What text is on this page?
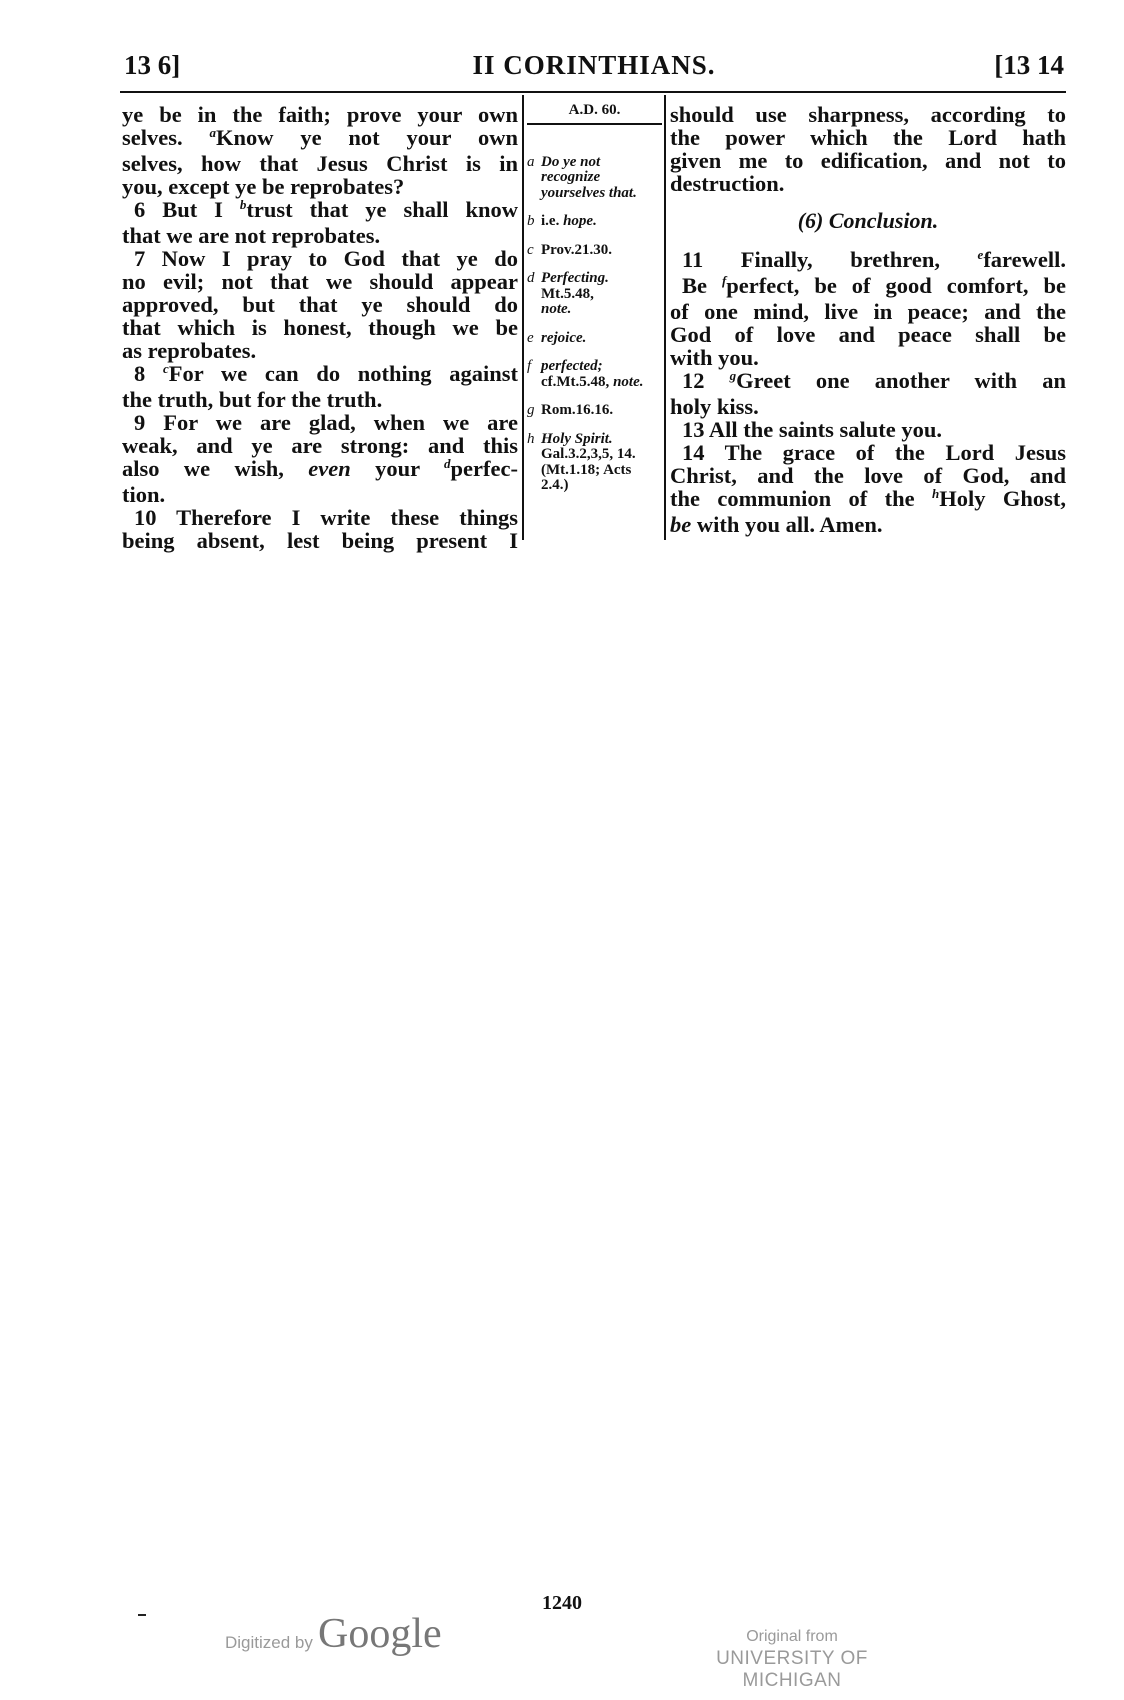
13 6]	II CORINTHIANS.	[13 14
ye be in the faith; prove your own
selves. $^a$Know ye not your own
selves, how that Jesus Christ is in
you, except ye be reprobates?
6 But I $^b$trust that ye shall know
that we are not reprobates.
7 Now I pray to God that ye do
no evil; not that we should appear
approved, but that ye should do
that which is honest, though we be
as reprobates.
8 $^c$For we can do nothing against
the truth, but for the truth.
9 For we are glad, when we are
weak, and ye are strong: and this
also we wish, even your $^d$perfec-
tion.
10 Therefore I write these things
being absent, lest being present I
A.D. 60.
a Do ye not recognize yourselves that.
b i.e. hope.
c Prov.21.30.
d Perfecting.
Mt.5.48,
note.
e rejoice.
f perfected; cf.Mt.5.48, note.
g Rom.16.16.
h Holy Spirit. Gal.3.2,3,5, 14. (Mt.1.18; Acts 2.4.)
should use sharpness, according to
the power which the Lord hath
given me to edification, and not to
destruction.
(6) Conclusion.
11 Finally, brethren, $^e$farewell.
Be $^f$perfect, be of good comfort, be
of one mind, live in peace; and the
God of love and peace shall be
with you.
12 $^g$Greet one another with an
holy kiss.
13 All the saints salute you.
14 The grace of the Lord Jesus
Christ, and the love of God, and
the communion of the $^h$Holy Ghost,
be with you all. Amen.
1240
Digitized by Google	Original from
UNIVERSITY OF MICHIGAN
